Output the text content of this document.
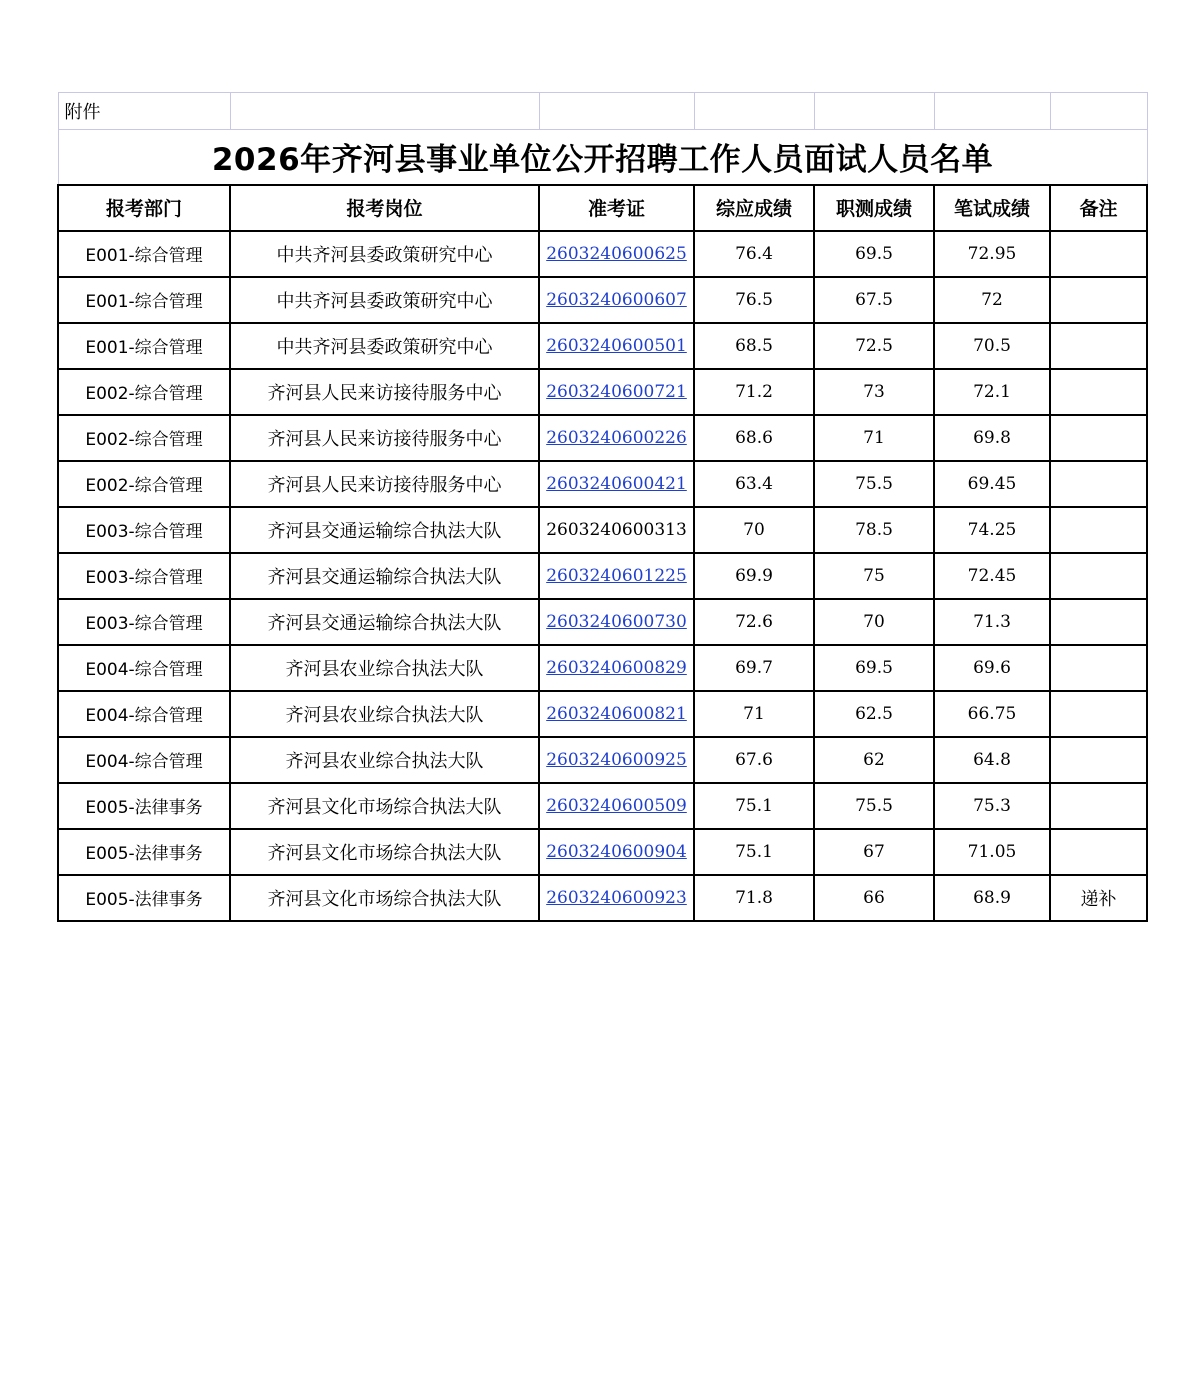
附件						
2026年齐河县事业单位公开招聘工作人员面试人员名单						
报考部门	报考岗位	准考证	综应成绩	职测成绩	笔试成绩	备注
E001-综合管理	中共齐河县委政策研究中心	2603240600625	76.4	69.5	72.95	
E001-综合管理	中共齐河县委政策研究中心	2603240600607	76.5	67.5	72	
E001-综合管理	中共齐河县委政策研究中心	2603240600501	68.5	72.5	70.5	
E002-综合管理	齐河县人民来访接待服务中心	2603240600721	71.2	73	72.1	
E002-综合管理	齐河县人民来访接待服务中心	2603240600226	68.6	71	69.8	
E002-综合管理	齐河县人民来访接待服务中心	2603240600421	63.4	75.5	69.45	
E003-综合管理	齐河县交通运输综合执法大队	2603240600313	70	78.5	74.25	
E003-综合管理	齐河县交通运输综合执法大队	2603240601225	69.9	75	72.45	
E003-综合管理	齐河县交通运输综合执法大队	2603240600730	72.6	70	71.3	
E004-综合管理	齐河县农业综合执法大队	2603240600829	69.7	69.5	69.6	
E004-综合管理	齐河县农业综合执法大队	2603240600821	71	62.5	66.75	
E004-综合管理	齐河县农业综合执法大队	2603240600925	67.6	62	64.8	
E005-法律事务	齐河县文化市场综合执法大队	2603240600509	75.1	75.5	75.3	
E005-法律事务	齐河县文化市场综合执法大队	2603240600904	75.1	67	71.05	
E005-法律事务	齐河县文化市场综合执法大队	2603240600923	71.8	66	68.9	递补
